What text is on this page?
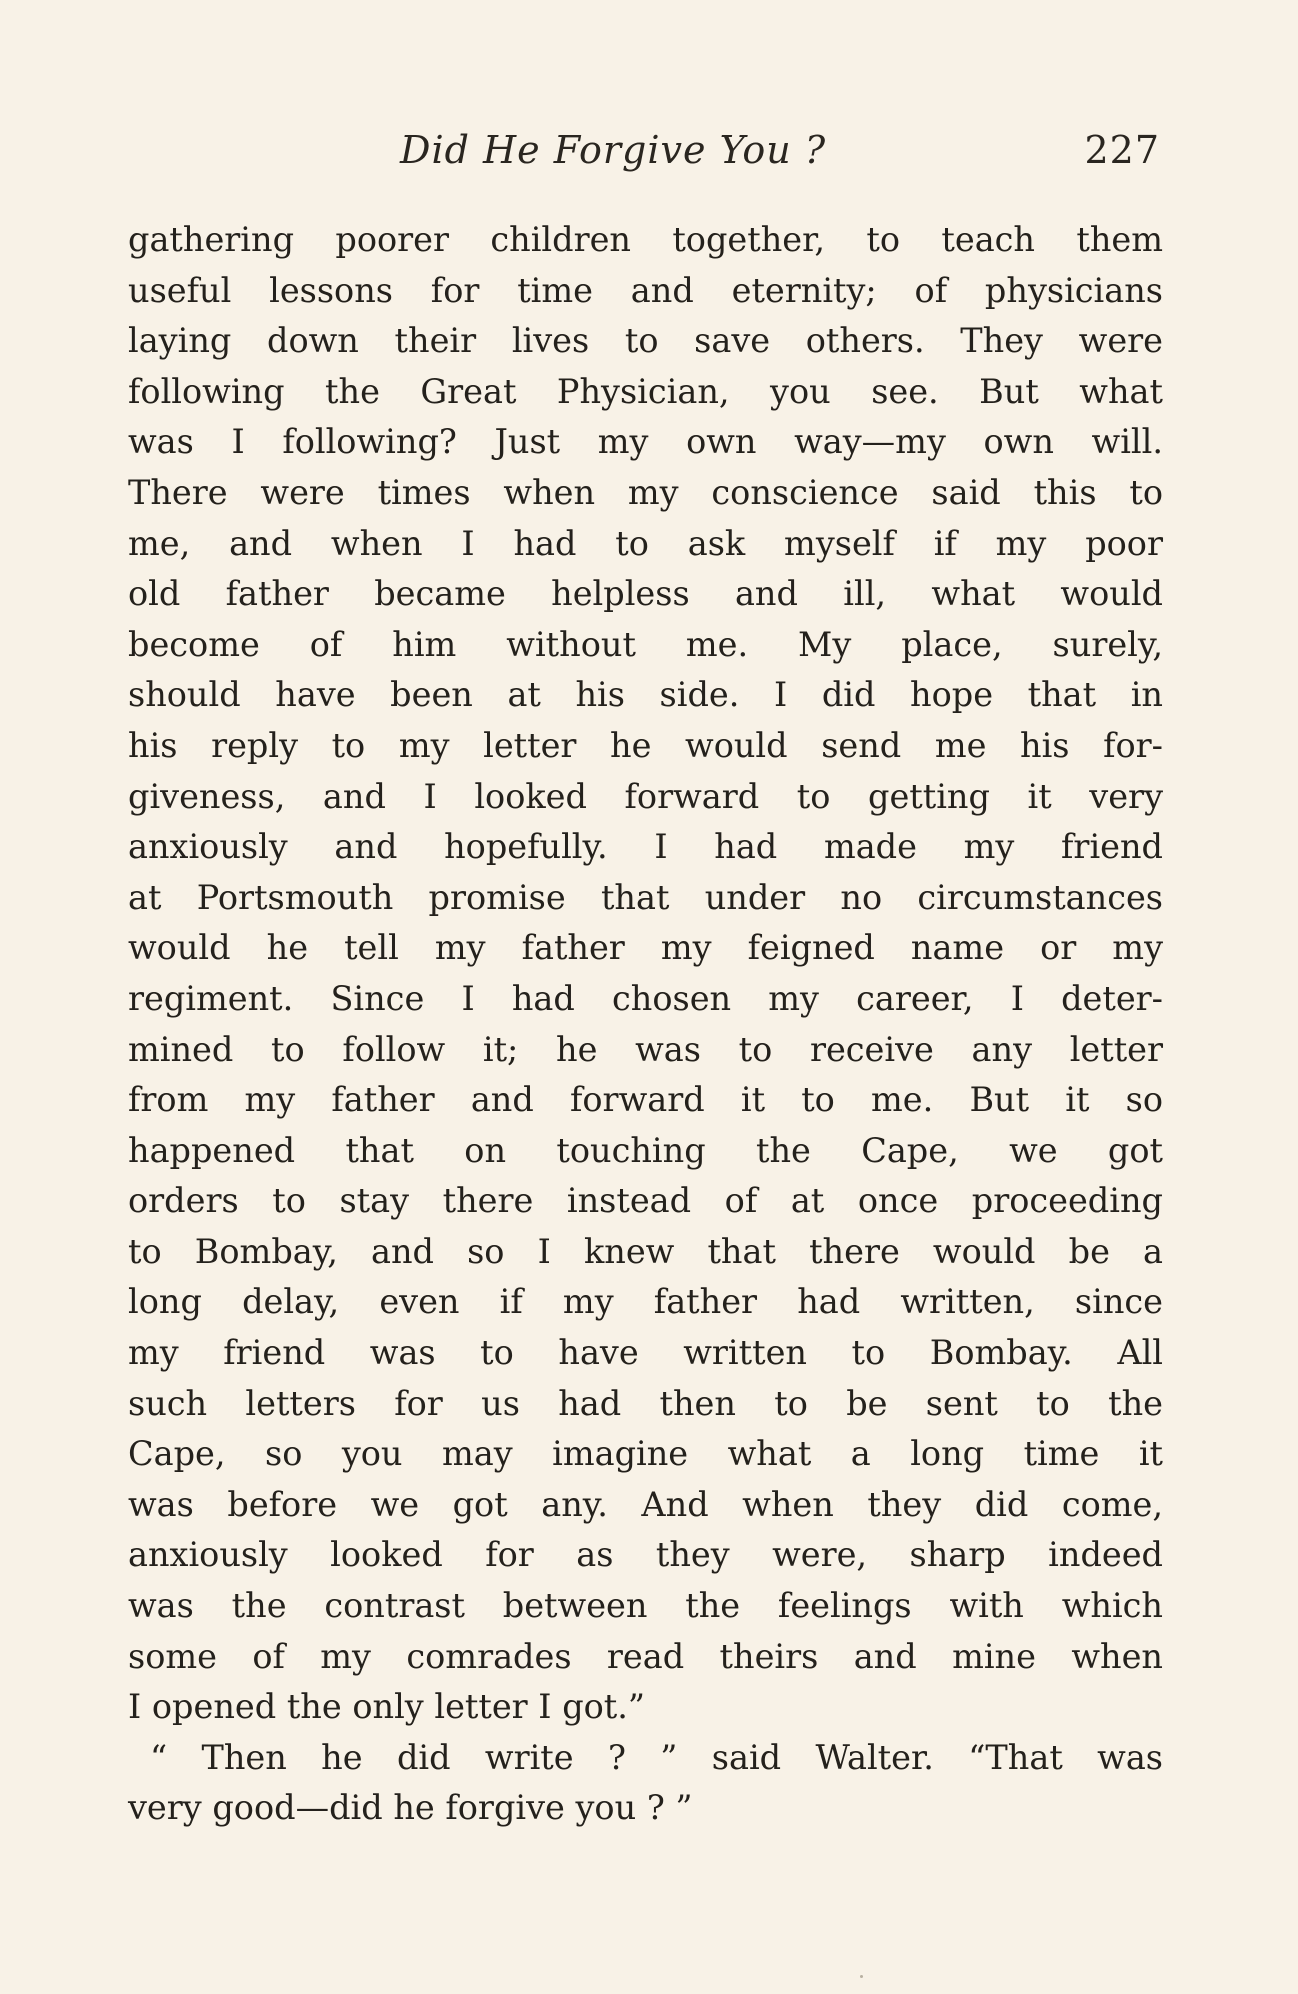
Did He Forgive You ?	227
gathering poorer children together, to teach them
useful lessons for time and eternity; of physicians
laying down their lives to save others. They were
following the Great Physician, you see. But what
was I following? Just my own way—my own will.
There were times when my conscience said this to
me, and when I had to ask myself if my poor
old father became helpless and ill, what would
become of him without me. My place, surely,
should have been at his side. I did hope that in
his reply to my letter he would send me his for-
giveness, and I looked forward to getting it very
anxiously and hopefully. I had made my friend
at Portsmouth promise that under no circumstances
would he tell my father my feigned name or my
regiment. Since I had chosen my career, I deter-
mined to follow it; he was to receive any letter
from my father and forward it to me. But it so
happened that on touching the Cape, we got
orders to stay there instead of at once proceeding
to Bombay, and so I knew that there would be a
long delay, even if my father had written, since
my friend was to have written to Bombay. All
such letters for us had then to be sent to the
Cape, so you may imagine what a long time it
was before we got any. And when they did come,
anxiously looked for as they were, sharp indeed
was the contrast between the feelings with which
some of my comrades read theirs and mine when
I opened the only letter I got.”
“ Then he did write ? ” said Walter. “That was
very good—did he forgive you ? ”
